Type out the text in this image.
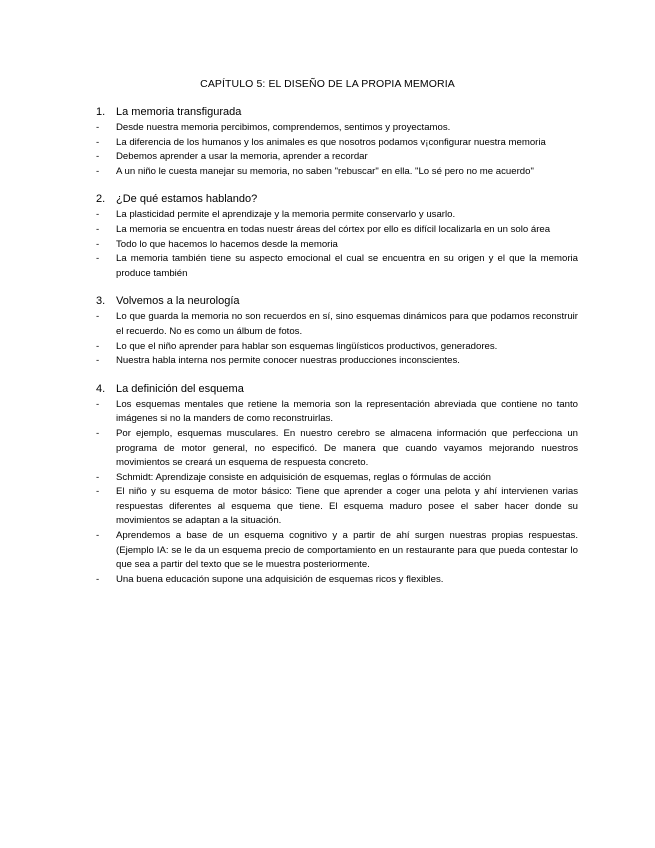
CAPÍTULO 5: EL DISEÑO DE LA PROPIA MEMORIA
1. La memoria transfigurada
-	Desde nuestra memoria percibimos, comprendemos, sentimos y proyectamos.
-	La diferencia de los humanos y los animales es que nosotros podamos v¡configurar nuestra memoria
-	Debemos aprender a usar la memoria, aprender a recordar
-	A un niño le cuesta manejar su memoria, no saben "rebuscar" en ella. "Lo sé pero no me acuerdo"
2. ¿De qué estamos hablando?
-	La plasticidad permite el aprendizaje y la memoria permite conservarlo y usarlo.
-	La memoria se encuentra en todas nuestr áreas del córtex por ello es difícil localizarla en un solo área
-	Todo lo que hacemos lo hacemos desde la memoria
-	La memoria también tiene su aspecto emocional el cual se encuentra en su origen y el que la memoria produce también
3. Volvemos a la neurología
-	Lo que guarda la memoria no son recuerdos en sí, sino esquemas dinámicos para que podamos reconstruir el recuerdo. No es como un álbum de fotos.
-	Lo que el niño aprender para hablar son esquemas lingüísticos productivos, generadores.
-	Nuestra habla interna nos permite conocer nuestras producciones inconscientes.
4. La definición del esquema
-	Los esquemas mentales que retiene la memoria son la representación abreviada que contiene no tanto imágenes si no la manders de como reconstruirlas.
-	Por ejemplo, esquemas musculares. En nuestro cerebro se almacena información que perfecciona un programa de motor general, no especificó. De manera que cuando vayamos mejorando nuestros movimientos se creará un esquema de respuesta concreto.
-	Schmidt: Aprendizaje consiste en adquisición de esquemas, reglas o fórmulas de acción
-	El niño y su esquema de motor básico: Tiene que aprender a coger una pelota y ahí intervienen varias respuestas diferentes al esquema que tiene. El esquema maduro posee el saber hacer donde su movimientos se adaptan a la situación.
-	Aprendemos a base de un esquema cognitivo y a partir de ahí surgen nuestras propias respuestas. (Ejemplo IA: se le da un esquema precio de comportamiento en un restaurante para que pueda contestar lo que sea a partir del texto que se le muestra posteriormente.
-	Una buena educación supone una adquisición de esquemas ricos y flexibles.
